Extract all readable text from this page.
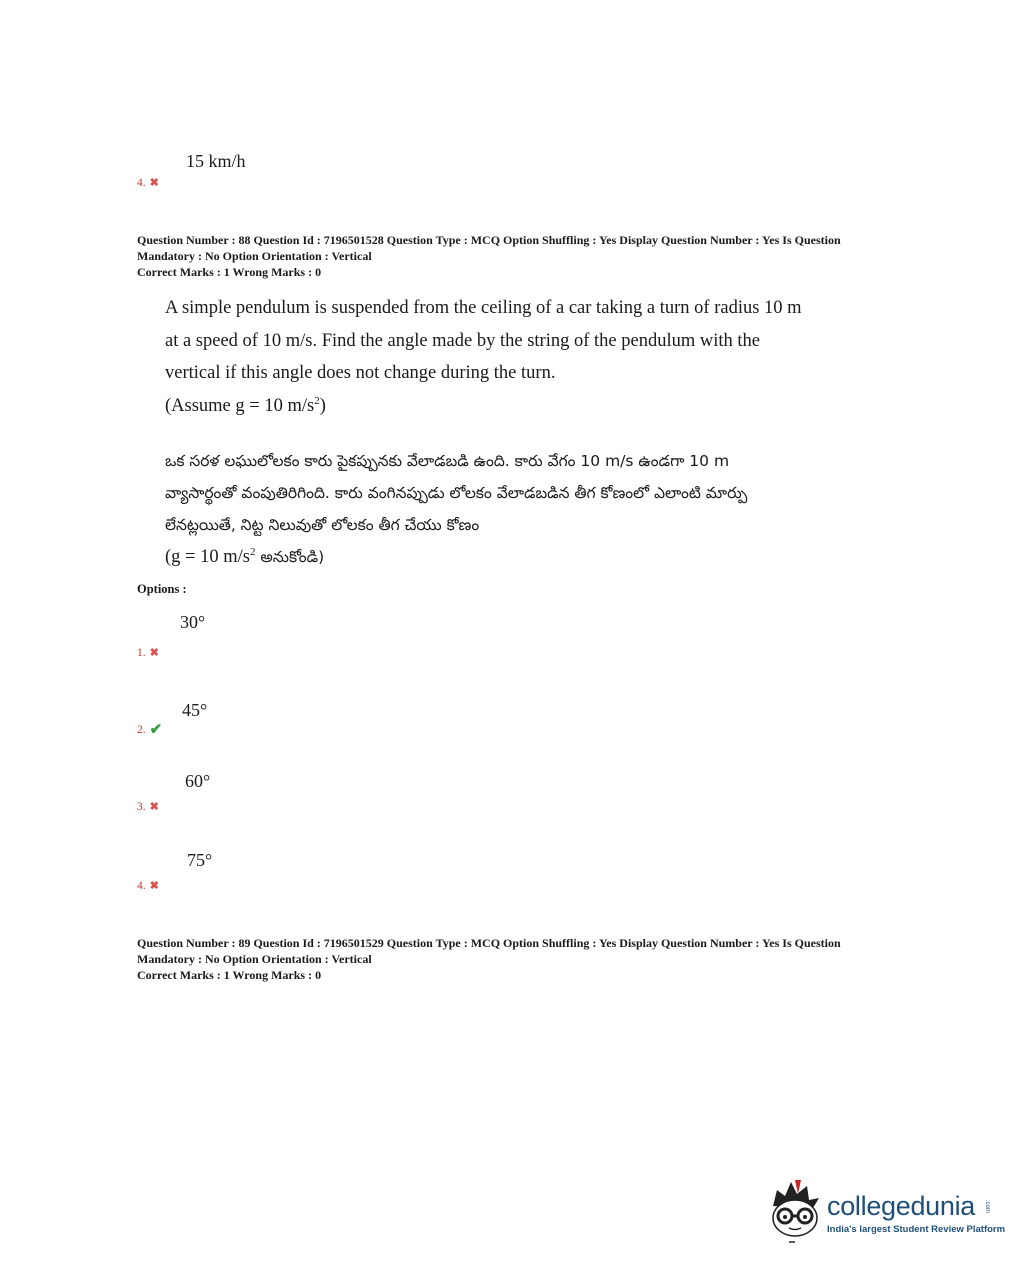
15 km/h
4. ✖
Question Number : 88 Question Id : 7196501528 Question Type : MCQ Option Shuffling : Yes Display Question Number : Yes Is Question
Mandatory : No Option Orientation : Vertical
Correct Marks : 1 Wrong Marks : 0
A simple pendulum is suspended from the ceiling of a car taking a turn of radius 10 m
at a speed of 10 m/s. Find the angle made by the string of the pendulum with the
vertical if this angle does not change during the turn.
(Assume g = 10 $m/s^2$)
ఒక సరళ లఘులోలకం కారు పైకప్పునకు వేలాడబడి ఉంది. కారు వేగం 10 m/s ఉండగా 10 m
వ్యాసార్థంతో వంపుతిరిగింది. కారు వంగినప్పుడు లోలకం వేలాడబడిన తీగ కోణంలో ఎలాంటి మార్పు
లేనట్లయితే, నిట్ట నిలువుతో లోలకం తీగ చేయు కోణం
(g = 10 $m/s^2$ అనుకోండి)
Options :
30°
1. ✖
45°
2. ✔
60°
3. ✖
75°
4. ✖
Question Number : 89 Question Id : 7196501529 Question Type : MCQ Option Shuffling : Yes Display Question Number : Yes Is Question
Mandatory : No Option Orientation : Vertical
Correct Marks : 1 Wrong Marks : 0
collegedunia
India's largest Student Review Platform
.com
